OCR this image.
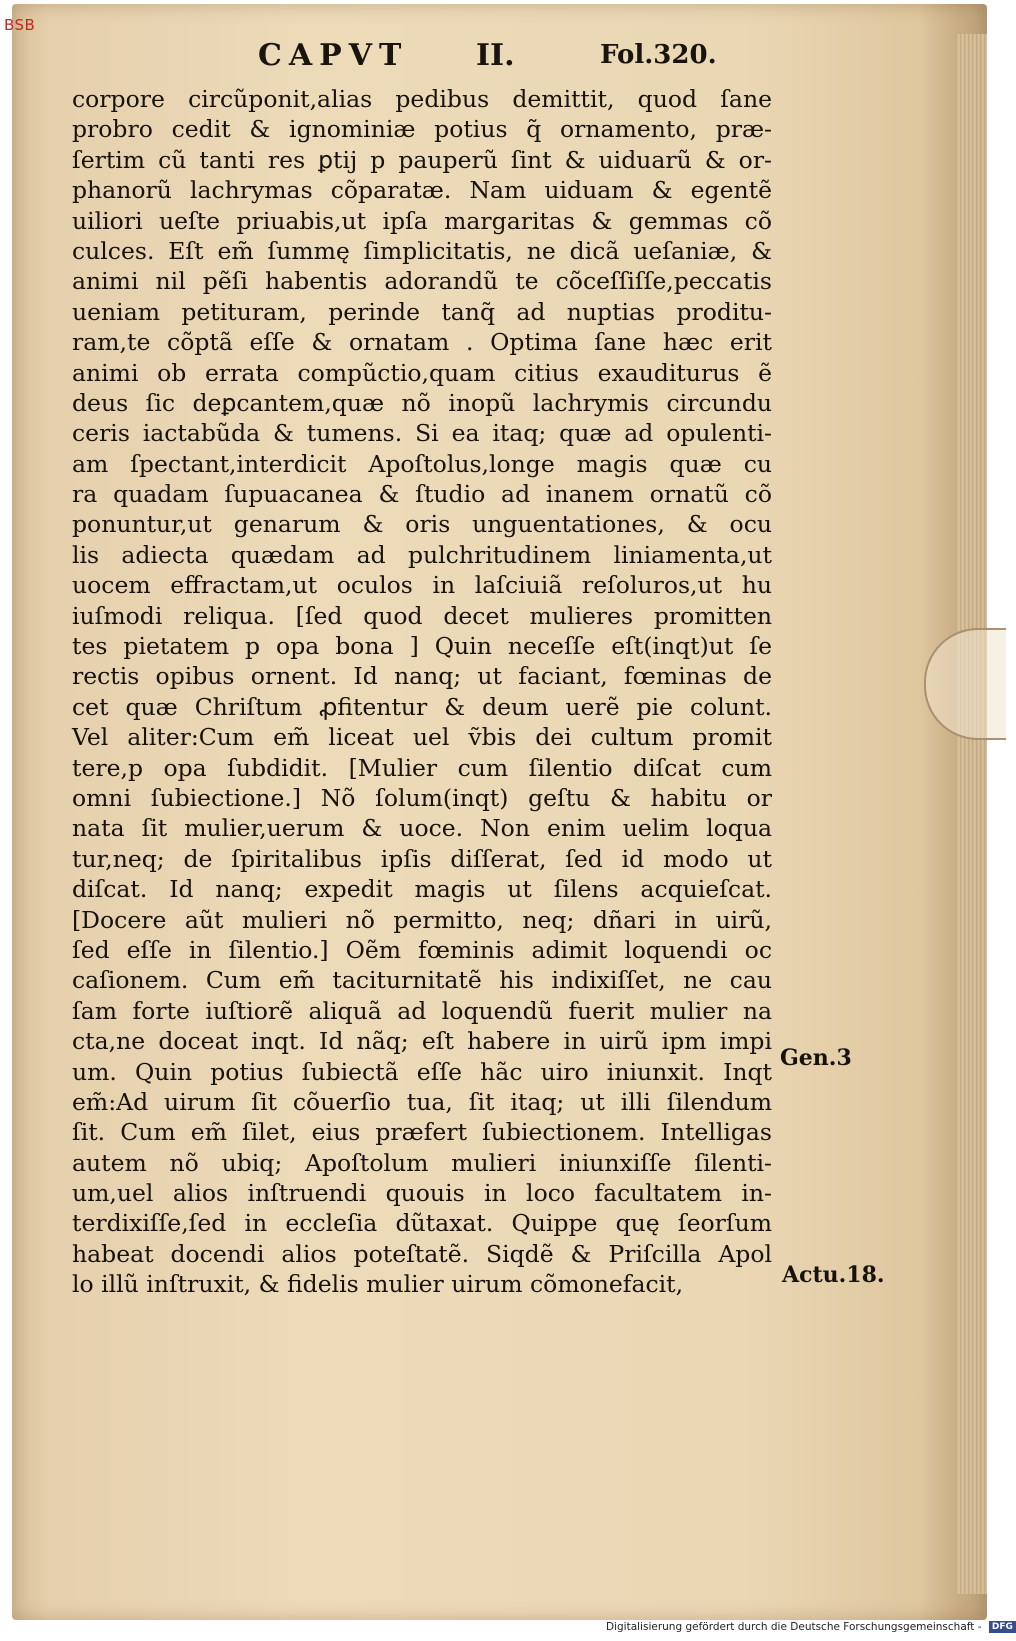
BSB
CAPVT II.	Fol.320.
corpore circũponit,alias pedibus demittit, quod ſane
probro cedit & ignominiæ potius q̃ ornamento, præ-
ſertim cũ tanti res ꝑtij p pauperũ ſint & uiduarũ & or-
phanorũ lachrymas cõparatæ. Nam uiduam & egentẽ
uiliori ueſte priuabis,ut ipſa margaritas & gemmas cõ
culces. Eſt em̃ ſummę ſimplicitatis, ne dicã ueſaniæ, &
animi nil pẽſi habentis adorandũ te cõceſſiſſe,peccatis
ueniam petituram, perinde tanq̃ ad nuptias proditu-
ram,te cõptã eſſe & ornatam . Optima ſane hæc erit
animi ob errata compũctio,quam citius exauditurus ẽ
deus ſic deꝑcantem,quæ nõ inopũ lachrymis circundu
ceris iactabũda & tumens. Si ea itaq; quæ ad opulenti-
am ſpectant,interdicit Apoſtolus,longe magis quæ cu
ra quadam ſupuacanea & ſtudio ad inanem ornatũ cõ
ponuntur,ut genarum & oris unguentationes, & ocu
lis adiecta quædam ad pulchritudinem liniamenta,ut
uocem effractam,ut oculos in laſciuiã reſoluros,ut hu
iuſmodi reliqua. [ſed quod decet mulieres promitten
tes pietatem p opa bona ] Quin neceſſe eſt(inqt)ut ſe
rectis opibus ornent. Id nanq; ut faciant, fœminas de
cet quæ Chriſtum ꝓfitentur & deum uerẽ pie colunt.
Vel aliter:Cum em̃ liceat uel ṽbis dei cultum promit
tere,p opa ſubdidit. [Mulier cum ſilentio diſcat cum
omni ſubiectione.] Nõ ſolum(inqt) geſtu & habitu or
nata ſit mulier,uerum & uoce. Non enim uelim loqua
tur,neq; de ſpiritalibus ipſis diſſerat, ſed id modo ut
diſcat. Id nanq; expedit magis ut ſilens acquieſcat.
[Docere aũt mulieri nõ permitto, neq; dñari in uirũ,
ſed eſſe in ſilentio.] Oẽm fœminis adimit loquendi oc
caſionem. Cum em̃ taciturnitatẽ his indixiſſet, ne cau
ſam forte iuſtiorẽ aliquã ad loquendũ fuerit mulier na
cta,ne doceat inqt. Id nãq; eſt habere in uirũ ipm impi
um. Quin potius ſubiectã eſſe hãc uiro iniunxit. Inqt
em̃:Ad uirum ſit cõuerſio tua, ſit itaq; ut illi ſilendum
ſit. Cum em̃ ſilet, eius præfert ſubiectionem. Intelligas
autem nõ ubiq; Apoſtolum mulieri iniunxiſſe ſilenti-
um,uel alios inſtruendi quouis in loco facultatem in-
terdixiſſe,ſed in eccleſia dũtaxat. Quippe quę ſeorſum
habeat docendi alios poteſtatẽ. Siqdẽ & Priſcilla Apol
lo illũ inſtruxit, & fidelis mulier uirum cõmonefacit,
Gen.3
Actu.18.
Digitalisierung gefördert durch die Deutsche Forschungsgemeinschaft - DFG
